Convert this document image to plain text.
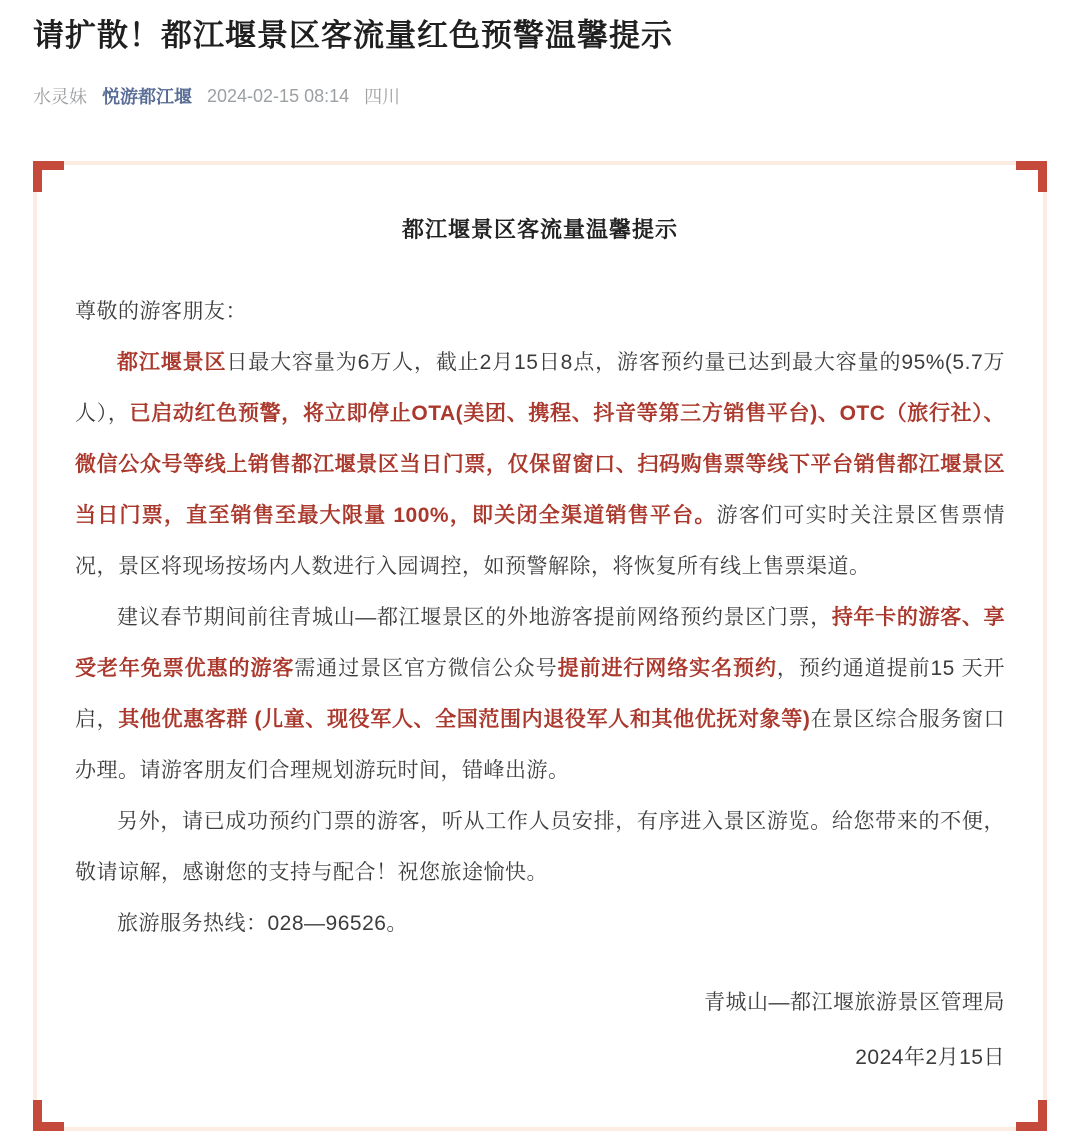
请扩散！都江堰景区客流量红色预警温馨提示
水灵妹 悦游都江堰 2024-02-15 08:14 四川
都江堰景区客流量温馨提示

尊敬的游客朋友：

都江堰景区日最大容量为6万人，截止2月15日8点，游客预约量已达到最大容量的95%(5.7万人），已启动红色预警，将立即停止OTA(美团、携程、抖音等第三方销售平台)、OTC（旅行社）、微信公众号等线上销售都江堰景区当日门票，仅保留窗口、扫码购售票等线下平台销售都江堰景区当日门票，直至销售至最大限量 100%，即关闭全渠道销售平台。游客们可实时关注景区售票情况，景区将现场按场内人数进行入园调控，如预警解除，将恢复所有线上售票渠道。

建议春节期间前往青城山—都江堰景区的外地游客提前网络预约景区门票，持年卡的游客、享受老年免票优惠的游客需通过景区官方微信公众号提前进行网络实名预约，预约通道提前15 天开启，其他优惠客群 (儿童、现役军人、全国范围内退役军人和其他优抚对象等)在景区综合服务窗口办理。请游客朋友们合理规划游玩时间，错峰出游。

另外，请已成功预约门票的游客，听从工作人员安排，有序进入景区游览。给您带来的不便，敬请谅解，感谢您的支持与配合！祝您旅途愉快。

旅游服务热线：028—96526。

青城山—都江堰旅游景区管理局
2024年2月15日
